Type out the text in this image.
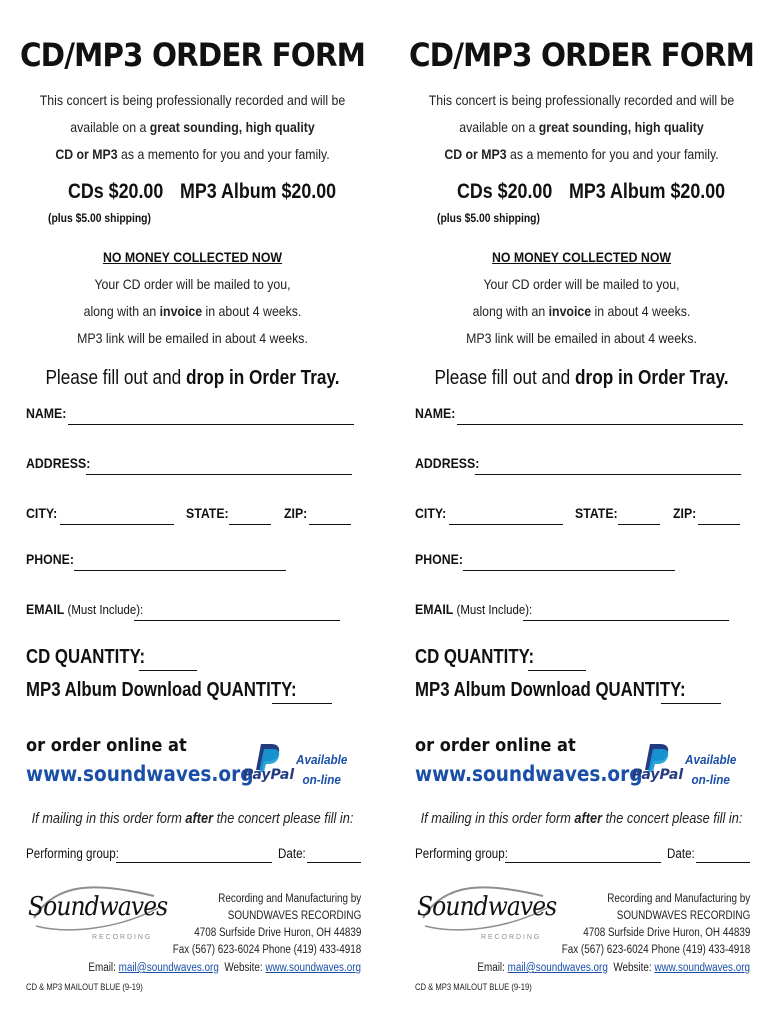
CD/MP3 ORDER FORM
This concert is being professionally recorded and will be
available on a great sounding, high quality
CD or MP3 as a memento for you and your family.
CDs $20.00 MP3 Album $20.00
(plus $5.00 shipping)
NO MONEY COLLECTED NOW
Your CD order will be mailed to you,
along with an invoice in about 4 weeks.
MP3 link will be emailed in about 4 weeks.
Please fill out and drop in Order Tray.
NAME:
ADDRESS:
CITY:	STATE:	ZIP:
PHONE:
EMAIL (Must Include):
CD QUANTITY:
MP3 Album Download QUANTITY:
or order online at
www.soundwaves.org
PayPal
Available
on-line
If mailing in this order form after the concert please fill in:
Performing group:	Date:
Soundwaves
R E C O R D I N G
Recording and Manufacturing by
SOUNDWAVES RECORDING
4708 Surfside Drive Huron, OH 44839
Fax (567) 623-6024 Phone (419) 433-4918
Email: mail@soundwaves.org Website: www.soundwaves.org
CD & MP3 MAILOUT BLUE (9-19)
CD/MP3 ORDER FORM
This concert is being professionally recorded and will be
available on a great sounding, high quality
CD or MP3 as a memento for you and your family.
CDs $20.00 MP3 Album $20.00
(plus $5.00 shipping)
NO MONEY COLLECTED NOW
Your CD order will be mailed to you,
along with an invoice in about 4 weeks.
MP3 link will be emailed in about 4 weeks.
Please fill out and drop in Order Tray.
NAME:
ADDRESS:
CITY:	STATE:	ZIP:
PHONE:
EMAIL (Must Include):
CD QUANTITY:
MP3 Album Download QUANTITY:
or order online at
www.soundwaves.org
PayPal
Available
on-line
If mailing in this order form after the concert please fill in:
Performing group:	Date:
Soundwaves
R E C O R D I N G
Recording and Manufacturing by
SOUNDWAVES RECORDING
4708 Surfside Drive Huron, OH 44839
Fax (567) 623-6024 Phone (419) 433-4918
Email: mail@soundwaves.org Website: www.soundwaves.org
CD & MP3 MAILOUT BLUE (9-19)
